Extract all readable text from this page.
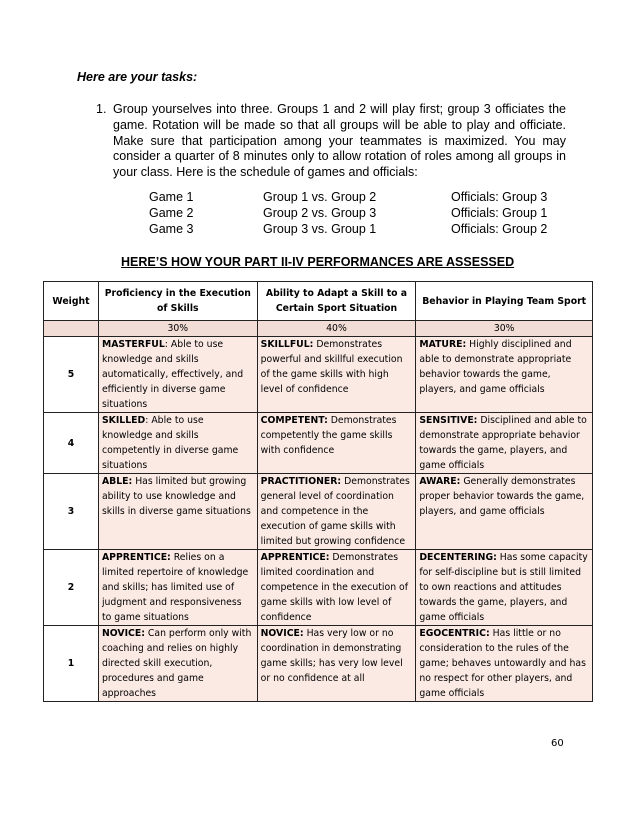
Here are your tasks:
1. Group yourselves into three. Groups 1 and 2 will play first; group 3 officiates the game. Rotation will be made so that all groups will be able to play and officiate. Make sure that participation among your teammates is maximized. You may consider a quarter of 8 minutes only to allow rotation of roles among all groups in your class. Here is the schedule of games and officials:
Game 1	Group 1 vs. Group 2	Officials: Group 3
Game 2	Group 2 vs. Group 3	Officials: Group 1
Game 3	Group 3 vs. Group 1	Officials: Group 2
HERE’S HOW YOUR PART II-IV PERFORMANCES ARE ASSESSED
Weight	Proficiency in the Execution of Skills	Ability to Adapt a Skill to a Certain Sport Situation	Behavior in Playing Team Sport
	30%	40%	30%
5	MASTERFUL: Able to use knowledge and skills automatically, effectively, and efficiently in diverse game situations	SKILLFUL: Demonstrates powerful and skillful execution of the game skills with high level of confidence	MATURE: Highly disciplined and able to demonstrate appropriate behavior towards the game, players, and game officials
4	SKILLED: Able to use knowledge and skills competently in diverse game situations	COMPETENT: Demonstrates competently the game skills with confidence	SENSITIVE: Disciplined and able to demonstrate appropriate behavior towards the game, players, and game officials
3	ABLE: Has limited but growing ability to use knowledge and skills in diverse game situations	PRACTITIONER: Demonstrates general level of coordination and competence in the execution of game skills with limited but growing confidence	AWARE: Generally demonstrates proper behavior towards the game, players, and game officials
2	APPRENTICE: Relies on a limited repertoire of knowledge and skills; has limited use of judgment and responsiveness to game situations	APPRENTICE: Demonstrates limited coordination and competence in the execution of game skills with low level of confidence	DECENTERING: Has some capacity for self-discipline but is still limited to own reactions and attitudes towards the game, players, and game officials
1	NOVICE: Can perform only with coaching and relies on highly directed skill execution, procedures and game approaches	NOVICE: Has very low or no coordination in demonstrating game skills; has very low level or no confidence at all	EGOCENTRIC: Has little or no consideration to the rules of the game; behaves untowardly and has no respect for other players, and game officials
60
